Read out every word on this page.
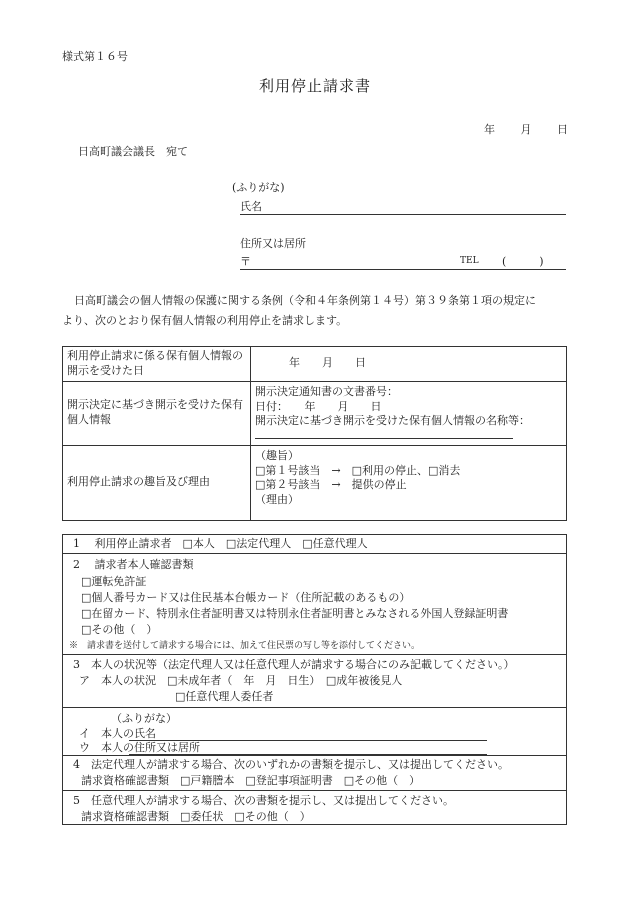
様式第１６号
利用停止請求書
年 月 日
日高町議会議長　宛て
(ふりがな)
氏名
住所又は居所
〒	TEL (　　　)
日高町議会の個人情報の保護に関する条例（令和４年条例第１４号）第３９条第１項の規定に
より、次のとおり保有個人情報の利用停止を請求します。
利用停止請求に係る保有個人情報の開示を受けた日	年　　月　　日
開示決定に基づき開示を受けた保有個人情報	開示決定通知書の文書番号：
日付：　　年　　月　　日
開示決定に基づき開示を受けた保有個人情報の名称等：

利用停止請求の趣旨及び理由	（趣旨）
□第１号該当　→　□利用の停止、□消去
□第２号該当　→　提供の停止
（理由）
1　 利用停止請求者　□本人　□法定代理人　□任意代理人
2　 請求者本人確認書類
□運転免許証
□個人番号カード又は住民基本台帳カード（住所記載のあるもの）
□在留カード、特別永住者証明書又は特別永住者証明書とみなされる外国人登録証明書
□その他（　）
※　請求書を送付して請求する場合には、加えて住民票の写し等を添付してください。
3　本人の状況等（法定代理人又は任意代理人が請求する場合にのみ記載してください。）
ア　本人の状況　□未成年者（　年　月　日生）　□成年被後見人
□任意代理人委任者
（ふりがな）
イ　本人の氏名
ウ　本人の住所又は居所
4　法定代理人が請求する場合、次のいずれかの書類を提示し、又は提出してください。
請求資格確認書類　□戸籍謄本　□登記事項証明書　□その他（　）
5　任意代理人が請求する場合、次の書類を提示し、又は提出してください。
請求資格確認書類　□委任状　□その他（　）
